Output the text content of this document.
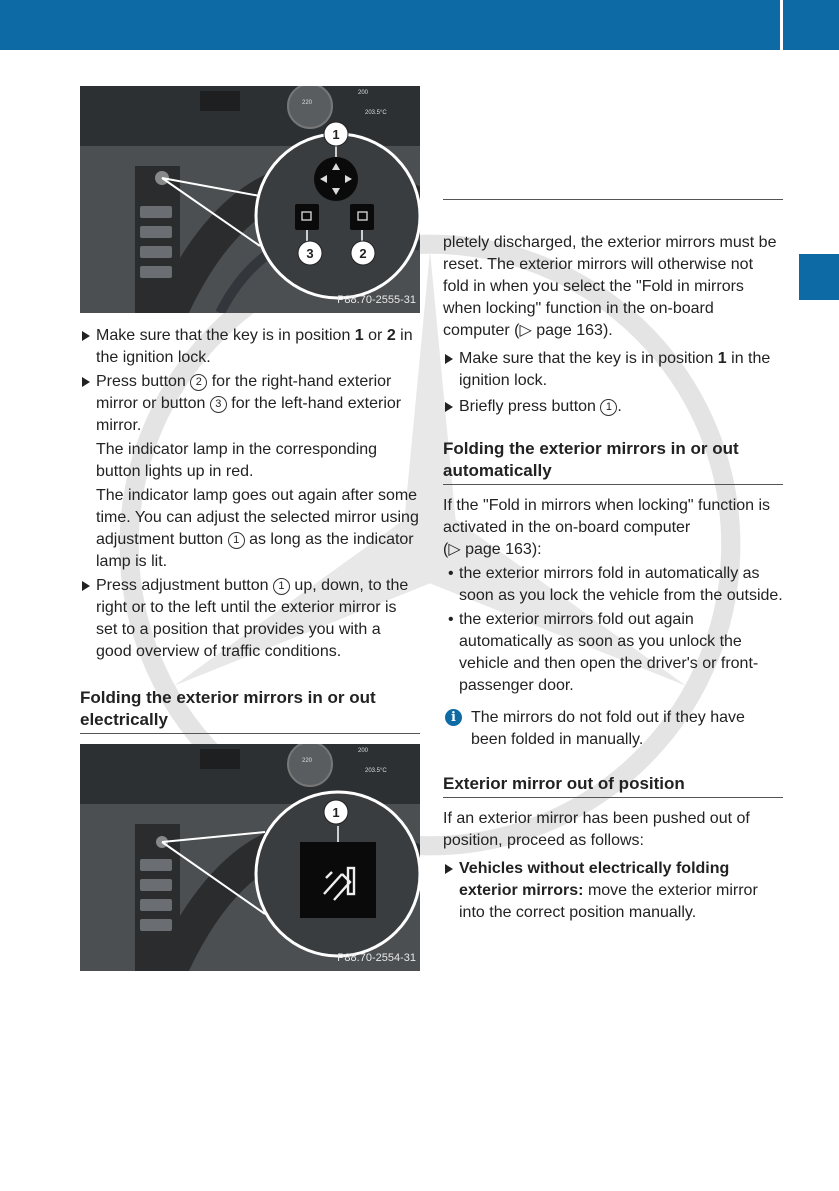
220
200
203.5°C
1
3	2
P88.70-2555-31

Make sure that the key is in position 1 or 2 in the ignition lock.

Press button 2 for the right-hand exterior mirror or button 3 for the left-hand exterior mirror.

The indicator lamp in the corresponding button lights up in red.

The indicator lamp goes out again after some time. You can adjust the selected mirror using adjustment button 1 as long as the indicator lamp is lit.

Press adjustment button 1 up, down, to the right or to the left until the exterior mirror is set to a position that provides you with a good overview of traffic conditions.

Folding the exterior mirrors in or out electrically
220
200
203.5°C
1
P88.70-2554-31

pletely discharged, the exterior mirrors must be reset. The exterior mirrors will otherwise not fold in when you select the "Fold in mirrors when locking" function in the on-board computer (▷ page 163).

Make sure that the key is in position 1 in the ignition lock.

Briefly press button 1 .

Folding the exterior mirrors in or out automatically

If the "Fold in mirrors when locking" function is activated in the on-board computer
(▷ page 163):

• the exterior mirrors fold in automatically as soon as you lock the vehicle from the outside.

• the exterior mirrors fold out again automatically as soon as you unlock the vehicle and then open the driver's or front-passenger door.

i The mirrors do not fold out if they have been folded in manually.

Exterior mirror out of position

If an exterior mirror has been pushed out of position, proceed as follows:

Vehicles without electrically folding exterior mirrors: move the exterior mirror into the correct position manually.
